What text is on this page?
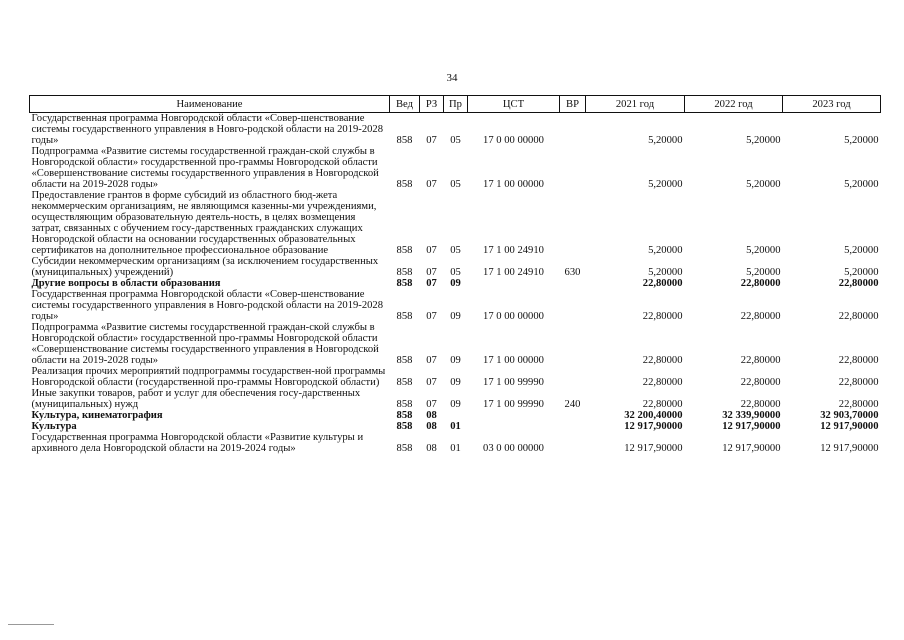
34
Наименование	Вед	РЗ	Пр	ЦСТ	ВР	2021 год	2022 год	2023 год
Государственная программа Новгородской области «Совер-шенствование системы государственного управления в Новго-родской области на 2019-2028 годы»	858	07	05	17 0 00 00000		5,20000	5,20000	5,20000
Подпрограмма «Развитие системы государственной граждан-ской службы в Новгородской области» государственной про-граммы Новгородской области «Совершенствование системы государственного управления в Новгородской области на 2019-2028 годы»	858	07	05	17 1 00 00000		5,20000	5,20000	5,20000
Предоставление грантов в форме субсидий из областного бюд-жета некоммерческим организациям, не являющимся казенны-ми учреждениями, осуществляющим образовательную деятель-ность, в целях возмещения затрат, связанных с обучением госу-дарственных гражданских служащих Новгородской области на основании государственных образовательных сертификатов на дополнительное профессиональное образование	858	07	05	17 1 00 24910		5,20000	5,20000	5,20000
Субсидии некоммерческим организациям (за исключением государственных (муниципальных) учреждений)	858	07	05	17 1 00 24910	630	5,20000	5,20000	5,20000
Другие вопросы в области образования	858	07	09			22,80000	22,80000	22,80000
Государственная программа Новгородской области «Совер-шенствование системы государственного управления в Новго-родской области на 2019-2028 годы»	858	07	09	17 0 00 00000		22,80000	22,80000	22,80000
Подпрограмма «Развитие системы государственной граждан-ской службы в Новгородской области» государственной про-граммы Новгородской области «Совершенствование системы государственного управления в Новгородской области на 2019-2028 годы»	858	07	09	17 1 00 00000		22,80000	22,80000	22,80000
Реализация прочих мероприятий подпрограммы государствен-ной программы Новгородской области (государственной про-граммы Новгородской области)	858	07	09	17 1 00 99990		22,80000	22,80000	22,80000
Иные закупки товаров, работ и услуг для обеспечения госу-дарственных (муниципальных) нужд	858	07	09	17 1 00 99990	240	22,80000	22,80000	22,80000
Культура, кинематография	858	08				32 200,40000	32 339,90000	32 903,70000
Культура	858	08	01			12 917,90000	12 917,90000	12 917,90000
Государственная программа Новгородской области «Развитие культуры и архивного дела Новгородской области на 2019-2024 годы»	858	08	01	03 0 00 00000		12 917,90000	12 917,90000	12 917,90000
